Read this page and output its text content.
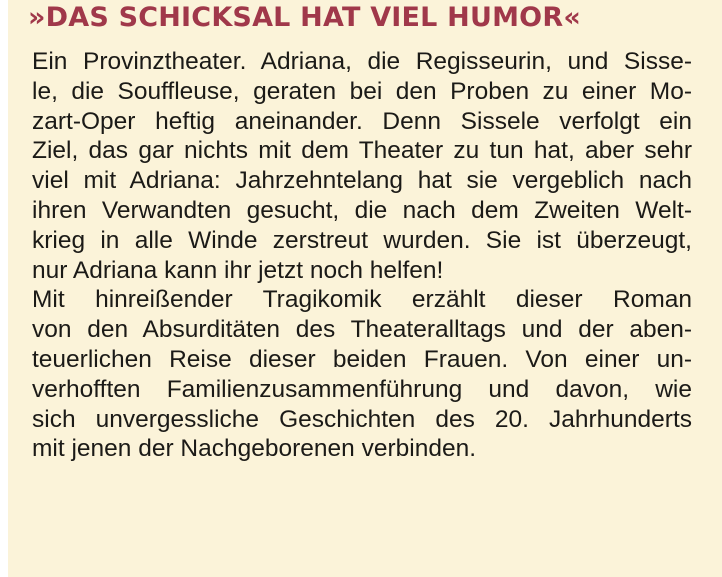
»DAS SCHICKSAL HAT VIEL HUMOR«
Ein Provinztheater. Adriana, die Regisseurin, und Sisse-
le, die Souffleuse, geraten bei den Proben zu einer Mo-
zart-Oper heftig aneinander. Denn Sissele verfolgt ein
Ziel, das gar nichts mit dem Theater zu tun hat, aber sehr
viel mit Adriana: Jahrzehntelang hat sie vergeblich nach
ihren Verwandten gesucht, die nach dem Zweiten Welt-
krieg in alle Winde zerstreut wurden. Sie ist überzeugt,
nur Adriana kann ihr jetzt noch helfen!
Mit hinreißender Tragikomik erzählt dieser Roman
von den Absurditäten des Theateralltags und der aben-
teuerlichen Reise dieser beiden Frauen. Von einer un-
verhofften Familienzusammenführung und davon, wie
sich unvergessliche Geschichten des 20. Jahrhunderts
mit jenen der Nachgeborenen verbinden.
